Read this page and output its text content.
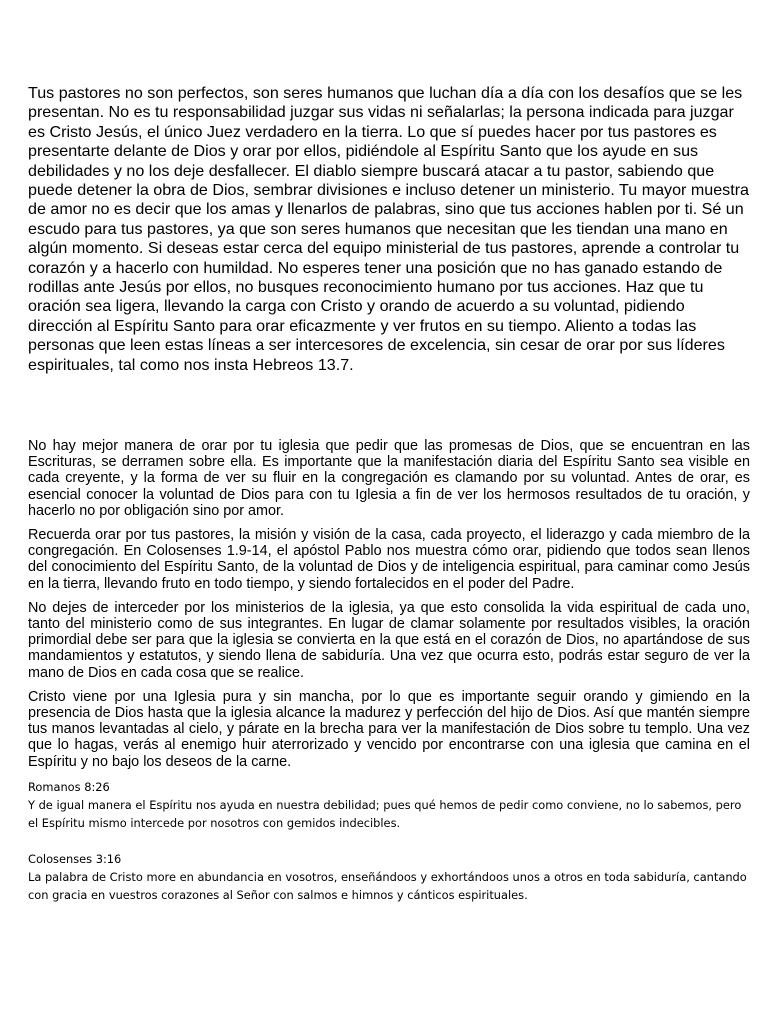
Tus pastores no son perfectos, son seres humanos que luchan día a día con los desafíos que se les presentan. No es tu responsabilidad juzgar sus vidas ni señalarlas; la persona indicada para juzgar es Cristo Jesús, el único Juez verdadero en la tierra. Lo que sí puedes hacer por tus pastores es presentarte delante de Dios y orar por ellos, pidiéndole al Espíritu Santo que los ayude en sus debilidades y no los deje desfallecer. El diablo siempre buscará atacar a tu pastor, sabiendo que puede detener la obra de Dios, sembrar divisiones e incluso detener un ministerio. Tu mayor muestra de amor no es decir que los amas y llenarlos de palabras, sino que tus acciones hablen por ti. Sé un escudo para tus pastores, ya que son seres humanos que necesitan que les tiendan una mano en algún momento. Si deseas estar cerca del equipo ministerial de tus pastores, aprende a controlar tu corazón y a hacerlo con humildad. No esperes tener una posición que no has ganado estando de rodillas ante Jesús por ellos, no busques reconocimiento humano por tus acciones. Haz que tu oración sea ligera, llevando la carga con Cristo y orando de acuerdo a su voluntad, pidiendo dirección al Espíritu Santo para orar eficazmente y ver frutos en su tiempo. Aliento a todas las personas que leen estas líneas a ser intercesores de excelencia, sin cesar de orar por sus líderes espirituales, tal como nos insta Hebreos 13.7.

No hay mejor manera de orar por tu iglesia que pedir que las promesas de Dios, que se encuentran en las Escrituras, se derramen sobre ella. Es importante que la manifestación diaria del Espíritu Santo sea visible en cada creyente, y la forma de ver su fluir en la congregación es clamando por su voluntad. Antes de orar, es esencial conocer la voluntad de Dios para con tu Iglesia a fin de ver los hermosos resultados de tu oración, y hacerlo no por obligación sino por amor.

Recuerda orar por tus pastores, la misión y visión de la casa, cada proyecto, el liderazgo y cada miembro de la congregación. En Colosenses 1.9-14, el apóstol Pablo nos muestra cómo orar, pidiendo que todos sean llenos del conocimiento del Espíritu Santo, de la voluntad de Dios y de inteligencia espiritual, para caminar como Jesús en la tierra, llevando fruto en todo tiempo, y siendo fortalecidos en el poder del Padre.

No dejes de interceder por los ministerios de la iglesia, ya que esto consolida la vida espiritual de cada uno, tanto del ministerio como de sus integrantes. En lugar de clamar solamente por resultados visibles, la oración primordial debe ser para que la iglesia se convierta en la que está en el corazón de Dios, no apartándose de sus mandamientos y estatutos, y siendo llena de sabiduría. Una vez que ocurra esto, podrás estar seguro de ver la mano de Dios en cada cosa que se realice.

Cristo viene por una Iglesia pura y sin mancha, por lo que es importante seguir orando y gimiendo en la presencia de Dios hasta que la iglesia alcance la madurez y perfección del hijo de Dios. Así que mantén siempre tus manos levantadas al cielo, y párate en la brecha para ver la manifestación de Dios sobre tu templo. Una vez que lo hagas, verás al enemigo huir aterrorizado y vencido por encontrarse con una iglesia que camina en el Espíritu y no bajo los deseos de la carne.

Romanos 8:26
Y de igual manera el Espíritu nos ayuda en nuestra debilidad; pues qué hemos de pedir como conviene, no lo sabemos, pero el Espíritu mismo intercede por nosotros con gemidos indecibles.
Colosenses 3:16
La palabra de Cristo more en abundancia en vosotros, enseñándoos y exhortándoos unos a otros en toda sabiduría, cantando con gracia en vuestros corazones al Señor con salmos e himnos y cánticos espirituales.
